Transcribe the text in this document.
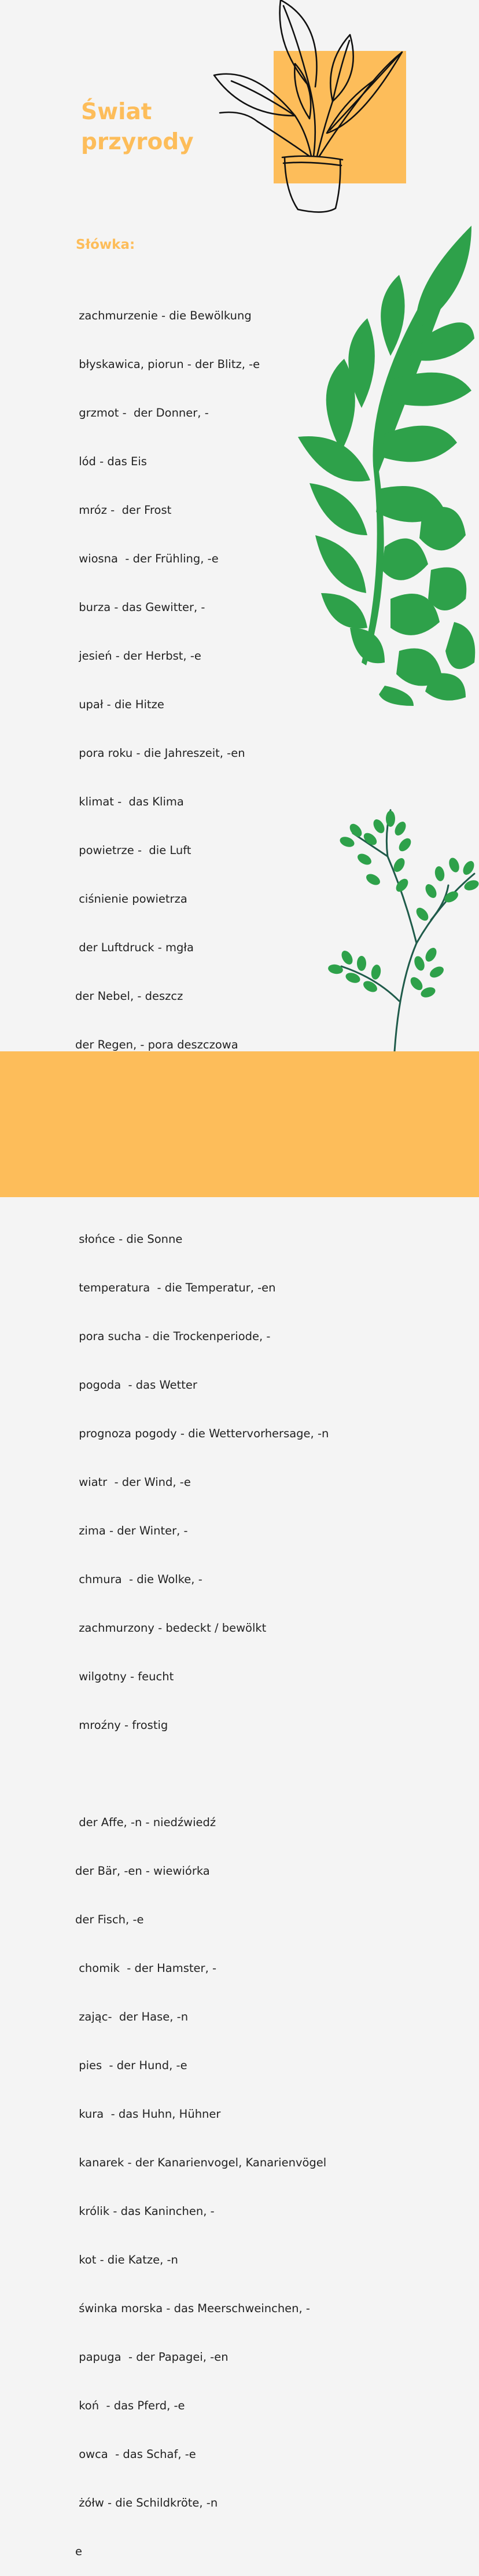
Świat
przyrody
Słówka:

zachmurzenie - die Bewölkung

błyskawica, piorun - der Blitz, -e

grzmot -  der Donner, -

lód - das Eis

mróz -  der Frost

wiosna  - der Frühling, -e

burza - das Gewitter, -

jesień - der Herbst, -e

upał - die Hitze

pora roku - die Jahreszeit, -en

klimat -  das Klima

powietrze -  die Luft

ciśnienie powietrza

der Luftdruck - mgła

der Nebel, - deszcz

der Regen, - pora deszczowa

słońce - die Sonne

temperatura  - die Temperatur, -en

pora sucha - die Trockenperiode, -

pogoda  - das Wetter

prognoza pogody - die Wettervorhersage, -n

wiatr  - der Wind, -e

zima - der Winter, -

chmura  - die Wolke, -

zachmurzony - bedeckt / bewölkt

wilgotny - feucht

mroźny - frostig

der Affe, -n - niedźwiedź

der Bär, -en - wiewiórka

der Fisch, -e

chomik  - der Hamster, -

zając-  der Hase, -n

pies  - der Hund, -e

kura  - das Huhn, Hühner

kanarek - der Kanarienvogel, Kanarienvögel

królik - das Kaninchen, -

kot - die Katze, -n

świnka morska - das Meerschweinchen, -

papuga  - der Papagei, -en

koń  - das Pferd, -e

owca  - das Schaf, -e

żółw - die Schildkröte, -n

e
